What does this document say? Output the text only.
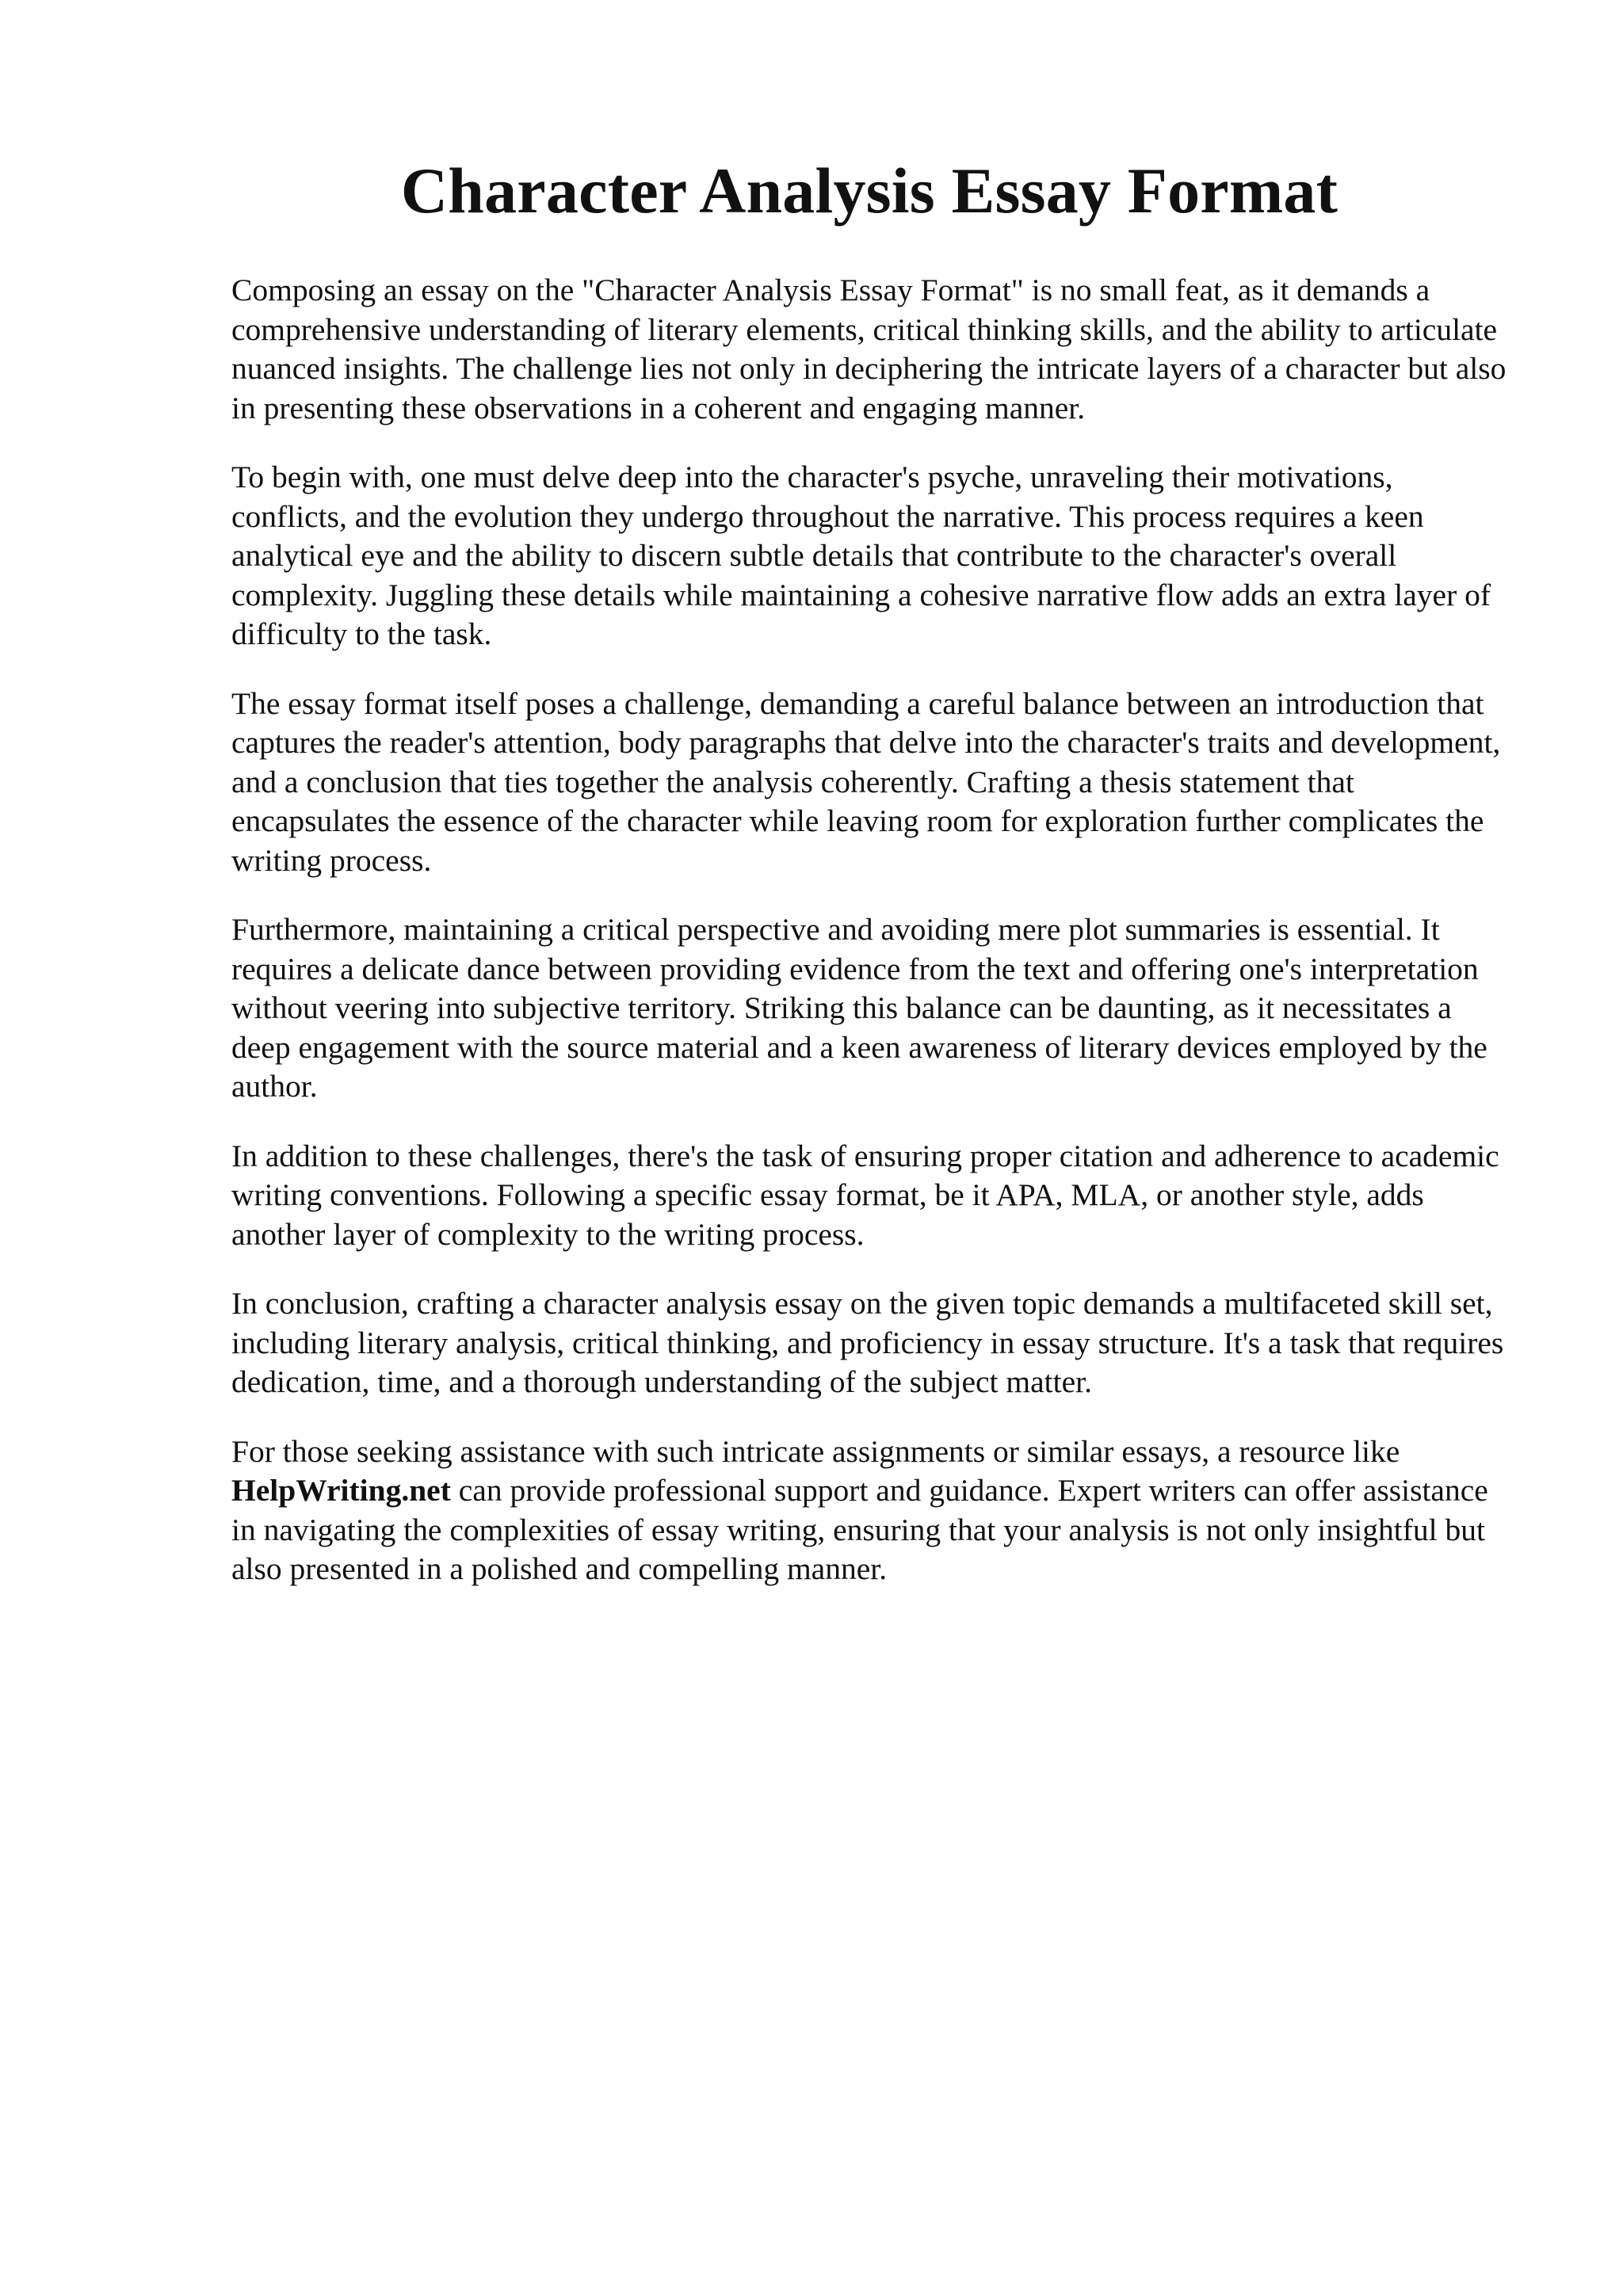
Character Analysis Essay Format

Composing an essay on the "Character Analysis Essay Format" is no small feat, as it demands a comprehensive understanding of literary elements, critical thinking skills, and the ability to articulate nuanced insights. The challenge lies not only in deciphering the intricate layers of a character but also in presenting these observations in a coherent and engaging manner.

To begin with, one must delve deep into the character's psyche, unraveling their motivations, conflicts, and the evolution they undergo throughout the narrative. This process requires a keen analytical eye and the ability to discern subtle details that contribute to the character's overall complexity. Juggling these details while maintaining a cohesive narrative flow adds an extra layer of difficulty to the task.

The essay format itself poses a challenge, demanding a careful balance between an introduction that captures the reader's attention, body paragraphs that delve into the character's traits and development, and a conclusion that ties together the analysis coherently. Crafting a thesis statement that encapsulates the essence of the character while leaving room for exploration further complicates the writing process.

Furthermore, maintaining a critical perspective and avoiding mere plot summaries is essential. It requires a delicate dance between providing evidence from the text and offering one's interpretation without veering into subjective territory. Striking this balance can be daunting, as it necessitates a deep engagement with the source material and a keen awareness of literary devices employed by the author.

In addition to these challenges, there's the task of ensuring proper citation and adherence to academic writing conventions. Following a specific essay format, be it APA, MLA, or another style, adds another layer of complexity to the writing process.

In conclusion, crafting a character analysis essay on the given topic demands a multifaceted skill set, including literary analysis, critical thinking, and proficiency in essay structure. It's a task that requires dedication, time, and a thorough understanding of the subject matter.

For those seeking assistance with such intricate assignments or similar essays, a resource like HelpWriting.net can provide professional support and guidance. Expert writers can offer assistance in navigating the complexities of essay writing, ensuring that your analysis is not only insightful but also presented in a polished and compelling manner.
